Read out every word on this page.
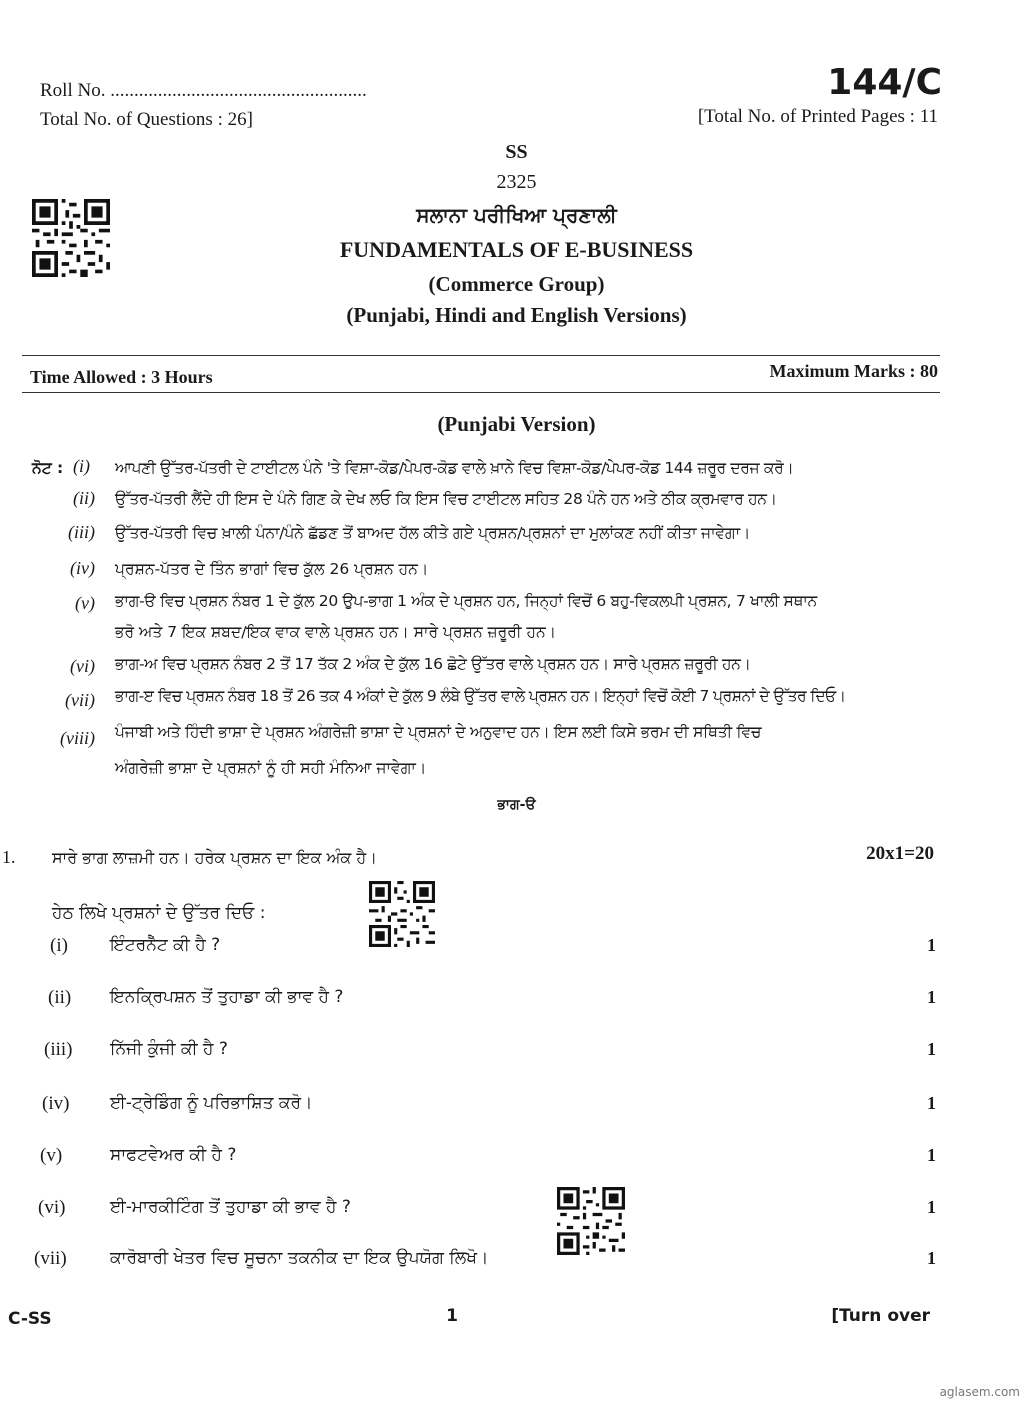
Roll No. ......................................................	144/C
Total No. of Questions : 26]	[Total No. of Printed Pages : 11
SS
2325
ਸਲਾਨਾ ਪਰੀਖਿਆ ਪ੍ਰਣਾਲੀ
FUNDAMENTALS OF E-BUSINESS
(Commerce Group)
(Punjabi, Hindi and English Versions)
Time Allowed : 3 Hours	Maximum Marks : 80
(Punjabi Version)
ਨੋਟ : (i) ਆਪਣੀ ਉੱਤਰ-ਪੱਤਰੀ ਦੇ ਟਾਈਟਲ ਪੰਨੇ 'ਤੇ ਵਿਸ਼ਾ-ਕੋਡ/ਪੇਪਰ-ਕੋਡ ਵਾਲੇ ਖ਼ਾਨੇ ਵਿਚ ਵਿਸ਼ਾ-ਕੋਡ/ਪੇਪਰ-ਕੋਡ 144 ਜ਼ਰੂਰ ਦਰਜ ਕਰੋ।
(ii) ਉੱਤਰ-ਪੱਤਰੀ ਲੈਂਦੇ ਹੀ ਇਸ ਦੇ ਪੰਨੇ ਗਿਣ ਕੇ ਦੇਖ ਲਓ ਕਿ ਇਸ ਵਿਚ ਟਾਈਟਲ ਸਹਿਤ 28 ਪੰਨੇ ਹਨ ਅਤੇ ਠੀਕ ਕ੍ਰਮਵਾਰ ਹਨ।
(iii) ਉੱਤਰ-ਪੱਤਰੀ ਵਿਚ ਖ਼ਾਲੀ ਪੰਨਾ/ਪੰਨੇ ਛੱਡਣ ਤੋਂ ਬਾਅਦ ਹੱਲ ਕੀਤੇ ਗਏ ਪ੍ਰਸ਼ਨ/ਪ੍ਰਸ਼ਨਾਂ ਦਾ ਮੁਲਾਂਕਣ ਨਹੀਂ ਕੀਤਾ ਜਾਵੇਗਾ।
(iv) ਪ੍ਰਸ਼ਨ-ਪੱਤਰ ਦੇ ਤਿੰਨ ਭਾਗਾਂ ਵਿਚ ਕੁੱਲ 26 ਪ੍ਰਸ਼ਨ ਹਨ।
(v) ਭਾਗ-ੳ ਵਿਚ ਪ੍ਰਸ਼ਨ ਨੰਬਰ 1 ਦੇ ਕੁੱਲ 20 ਉਪ-ਭਾਗ 1 ਅੰਕ ਦੇ ਪ੍ਰਸ਼ਨ ਹਨ, ਜਿਨ੍ਹਾਂ ਵਿਚੋਂ 6 ਬਹੁ-ਵਿਕਲਪੀ ਪ੍ਰਸ਼ਨ, 7 ਖਾਲੀ ਸਥਾਨ
ਭਰੋ ਅਤੇ 7 ਇਕ ਸ਼ਬਦ/ਇਕ ਵਾਕ ਵਾਲੇ ਪ੍ਰਸ਼ਨ ਹਨ। ਸਾਰੇ ਪ੍ਰਸ਼ਨ ਜ਼ਰੂਰੀ ਹਨ।
(vi) ਭਾਗ-ਅ ਵਿਚ ਪ੍ਰਸ਼ਨ ਨੰਬਰ 2 ਤੋਂ 17 ਤੱਕ 2 ਅੰਕ ਦੇ ਕੁੱਲ 16 ਛੋਟੇ ਉੱਤਰ ਵਾਲੇ ਪ੍ਰਸ਼ਨ ਹਨ। ਸਾਰੇ ਪ੍ਰਸ਼ਨ ਜ਼ਰੂਰੀ ਹਨ।
(vii) ਭਾਗ-ੲ ਵਿਚ ਪ੍ਰਸ਼ਨ ਨੰਬਰ 18 ਤੋਂ 26 ਤਕ 4 ਅੰਕਾਂ ਦੇ ਕੁੱਲ 9 ਲੰਬੇ ਉੱਤਰ ਵਾਲੇ ਪ੍ਰਸ਼ਨ ਹਨ। ਇਨ੍ਹਾਂ ਵਿਚੋਂ ਕੋਈ 7 ਪ੍ਰਸ਼ਨਾਂ ਦੇ ਉੱਤਰ ਦਿਓ।
(viii) ਪੰਜਾਬੀ ਅਤੇ ਹਿੰਦੀ ਭਾਸ਼ਾ ਦੇ ਪ੍ਰਸ਼ਨ ਅੰਗਰੇਜ਼ੀ ਭਾਸ਼ਾ ਦੇ ਪ੍ਰਸ਼ਨਾਂ ਦੇ ਅਨੁਵਾਦ ਹਨ। ਇਸ ਲਈ ਕਿਸੇ ਭਰਮ ਦੀ ਸਥਿਤੀ ਵਿਚ
ਅੰਗਰੇਜ਼ੀ ਭਾਸ਼ਾ ਦੇ ਪ੍ਰਸ਼ਨਾਂ ਨੂੰ ਹੀ ਸਹੀ ਮੰਨਿਆ ਜਾਵੇਗਾ।
ਭਾਗ-ੳ
1. ਸਾਰੇ ਭਾਗ ਲਾਜ਼ਮੀ ਹਨ। ਹਰੇਕ ਪ੍ਰਸ਼ਨ ਦਾ ਇਕ ਅੰਕ ਹੈ।	20x1=20
ਹੇਠ ਲਿਖੇ ਪ੍ਰਸ਼ਨਾਂ ਦੇ ਉੱਤਰ ਦਿਓ :
(i) ਇੰਟਰਨੈੱਟ ਕੀ ਹੈ ?	1
(ii) ਇਨਕ੍ਰਿਪਸ਼ਨ ਤੋਂ ਤੁਹਾਡਾ ਕੀ ਭਾਵ ਹੈ ?	1
(iii) ਨਿੱਜੀ ਕੁੰਜੀ ਕੀ ਹੈ ?	1
(iv) ਈ-ਟ੍ਰੇਡਿੰਗ ਨੂੰ ਪਰਿਭਾਸ਼ਿਤ ਕਰੋ।	1
(v)	ਸਾਫਟਵੇਅਰ ਕੀ ਹੈ ?	1
(vi)	ਈ-ਮਾਰਕੀਟਿੰਗ ਤੋਂ ਤੁਹਾਡਾ ਕੀ ਭਾਵ ਹੈ ?	1
(vii)	ਕਾਰੋਬਾਰੀ ਖੇਤਰ ਵਿਚ ਸੂਚਨਾ ਤਕਨੀਕ ਦਾ ਇਕ ਉਪਯੋਗ ਲਿਖੋ।	1
C-SS	1	[Turn over
aglasem.com
